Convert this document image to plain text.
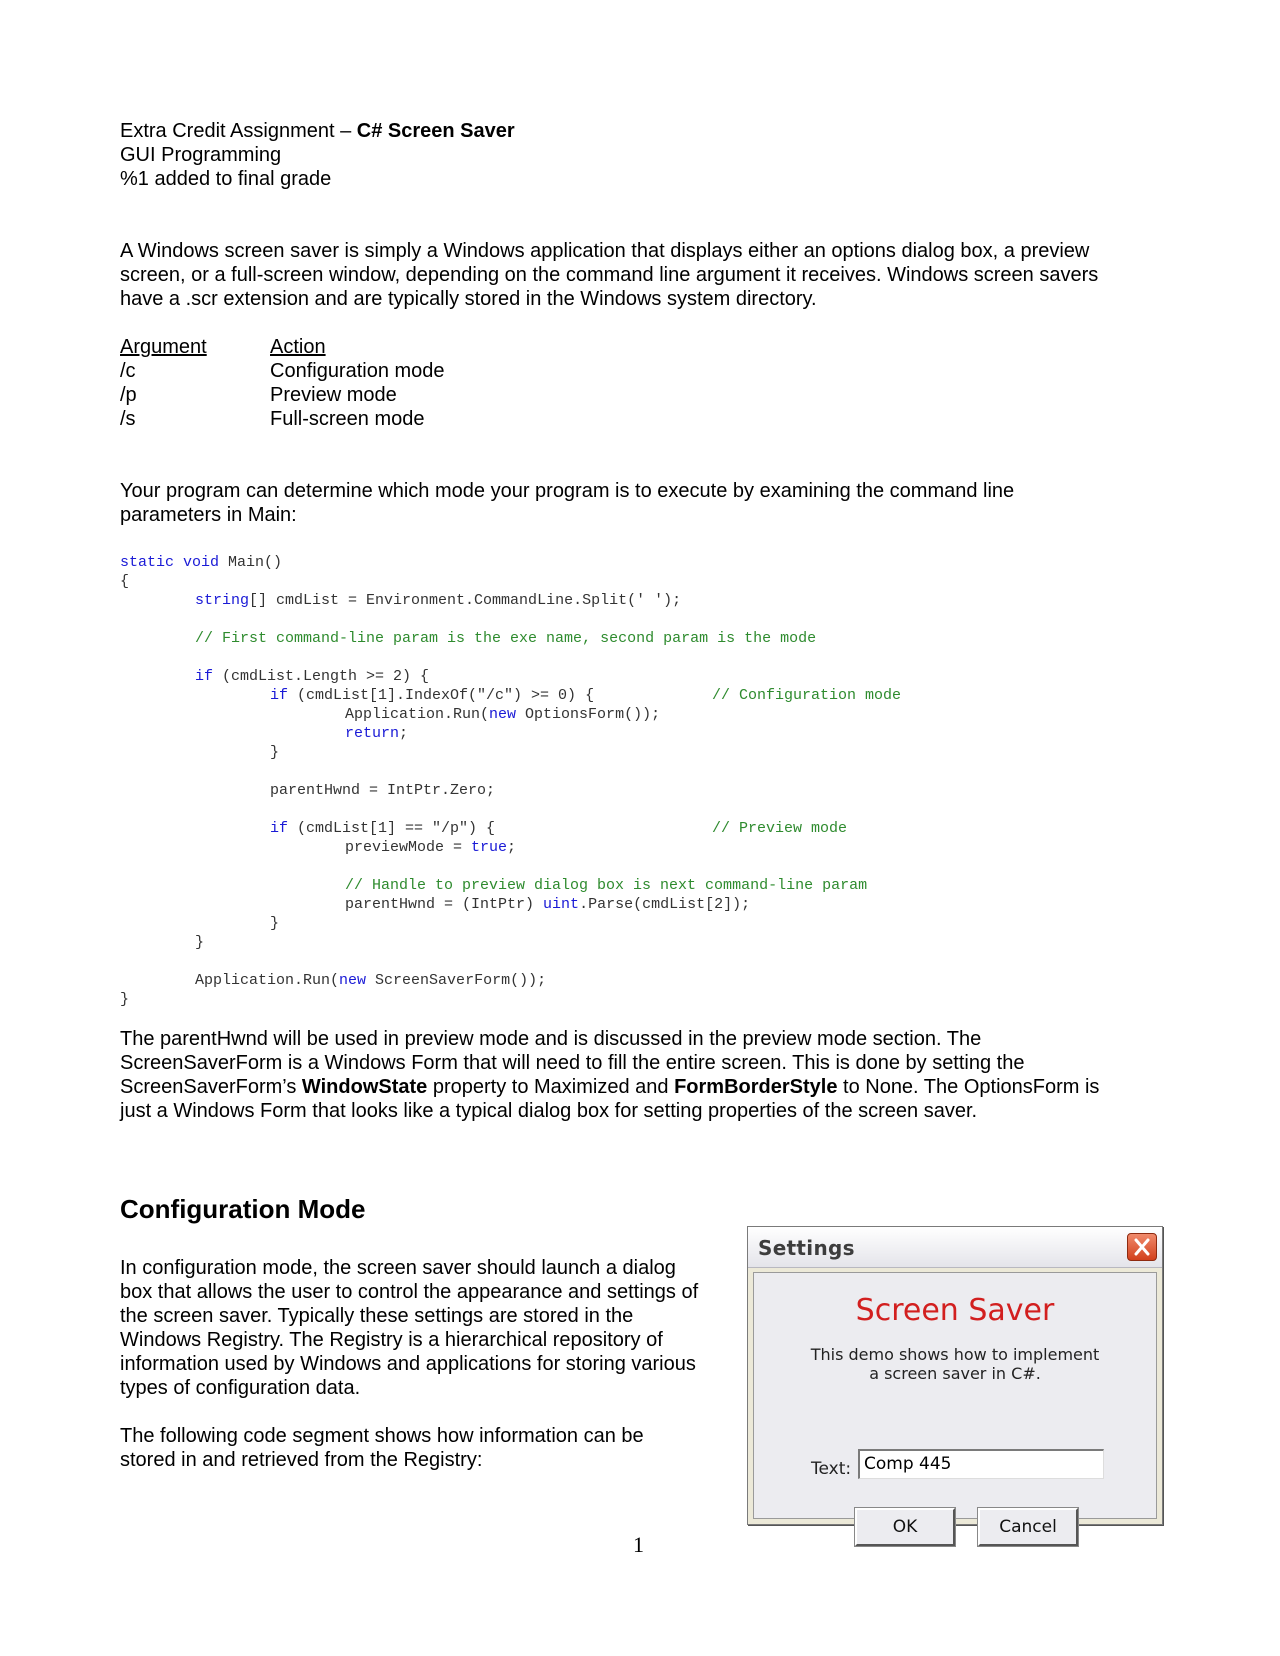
Extra Credit Assignment – C# Screen Saver
GUI Programming
%1 added to final grade
A Windows screen saver is simply a Windows application that displays either an options dialog box, a preview
screen, or a full-screen window, depending on the command line argument it receives. Windows screen savers
have a .scr extension and are typically stored in the Windows system directory.
Argument	Action
/c	Configuration mode
/p	Preview mode
/s	Full-screen mode
Your program can determine which mode your program is to execute by examining the command line
parameters in Main:
static void Main()
{
string[] cmdList = Environment.CommandLine.Split(' ');
// First command-line param is the exe name, second param is the mode
if (cmdList.Length >= 2) {
if (cmdList[1].IndexOf("/c") >= 0) {	// Configuration mode
Application.Run(new OptionsForm());
return;
}
parentHwnd = IntPtr.Zero;
if (cmdList[1] == "/p") {	// Preview mode
previewMode = true;
// Handle to preview dialog box is next command-line param
parentHwnd = (IntPtr) uint.Parse(cmdList[2]);
}
}
Application.Run(new ScreenSaverForm());
}
The parentHwnd will be used in preview mode and is discussed in the preview mode section. The
ScreenSaverForm is a Windows Form that will need to fill the entire screen. This is done by setting the
ScreenSaverForm’s WindowState property to Maximized and FormBorderStyle to None. The OptionsForm is
just a Windows Form that looks like a typical dialog box for setting properties of the screen saver.
Configuration Mode
In configuration mode, the screen saver should launch a dialog
box that allows the user to control the appearance and settings of
the screen saver. Typically these settings are stored in the
Windows Registry. The Registry is a hierarchical repository of
information used by Windows and applications for storing various
types of configuration data.
The following code segment shows how information can be
stored in and retrieved from the Registry:
Settings
Screen Saver
This demo shows how to implement
a screen saver in C#.
Text: Comp 445
OK	Cancel
1
